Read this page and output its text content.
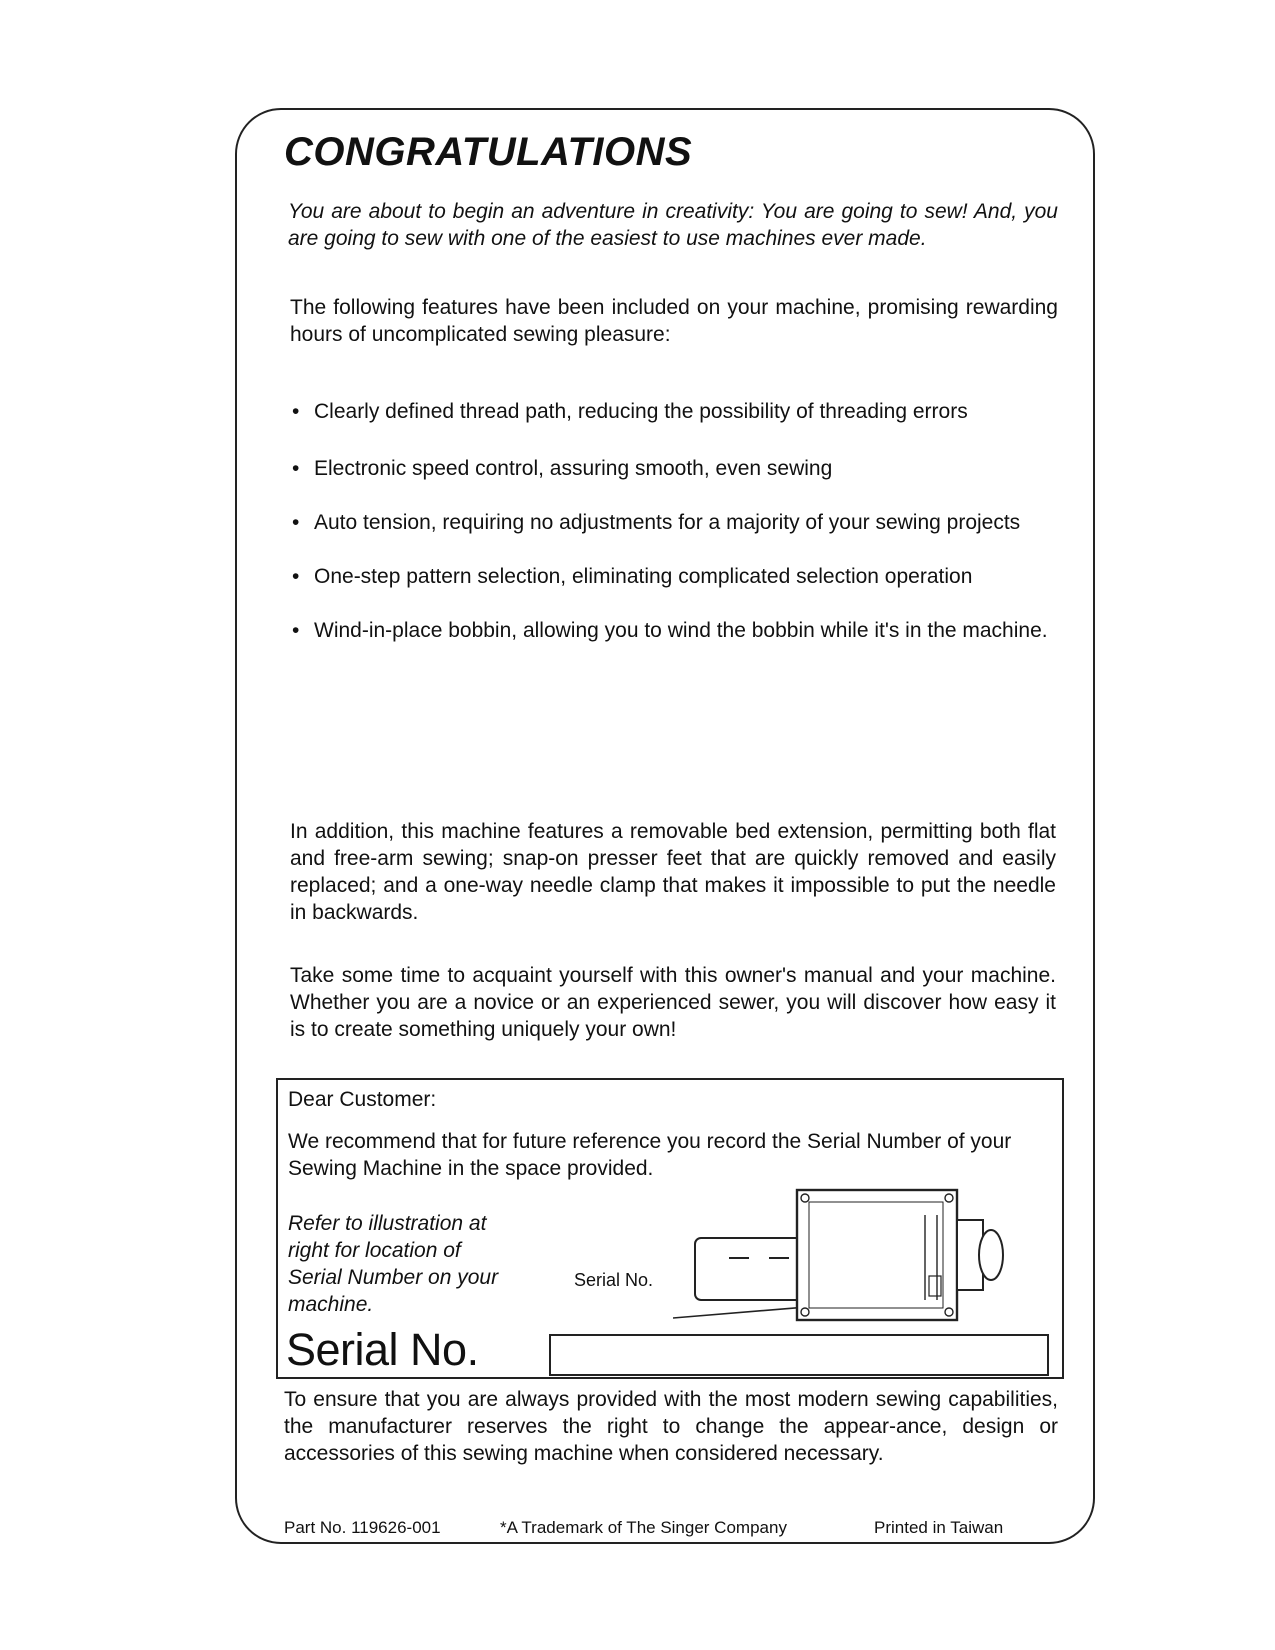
CONGRATULATIONS

You are about to begin an adventure in creativity: You are going to sew! And, you are going to sew with one of the easiest to use machines ever made.

The following features have been included on your machine, promising rewarding hours of uncomplicated sewing pleasure:

• Clearly defined thread path, reducing the possibility of threading errors
• Electronic speed control, assuring smooth, even sewing
• Auto tension, requiring no adjustments for a majority of your sewing projects
• One-step pattern selection, eliminating complicated selection operation
• Wind-in-place bobbin, allowing you to wind the bobbin while it's in the machine.

In addition, this machine features a removable bed extension, permitting both flat and free-arm sewing; snap-on presser feet that are quickly removed and easily replaced; and a one-way needle clamp that makes it impossible to put the needle in backwards.

Take some time to acquaint yourself with this owner's manual and your machine. Whether you are a novice or an experienced sewer, you will discover how easy it is to create something uniquely your own!

Dear Customer:

We recommend that for future reference you record the Serial Number of your Sewing Machine in the space provided.

Refer to illustration at right for location of Serial Number on your machine.

Serial No.

Serial No.

To ensure that you are always provided with the most modern sewing capabilities, the manufacturer reserves the right to change the appear-ance, design or accessories of this sewing machine when considered necessary.

Part No. 119626-001	*A Trademark of The Singer Company	Printed in Taiwan
